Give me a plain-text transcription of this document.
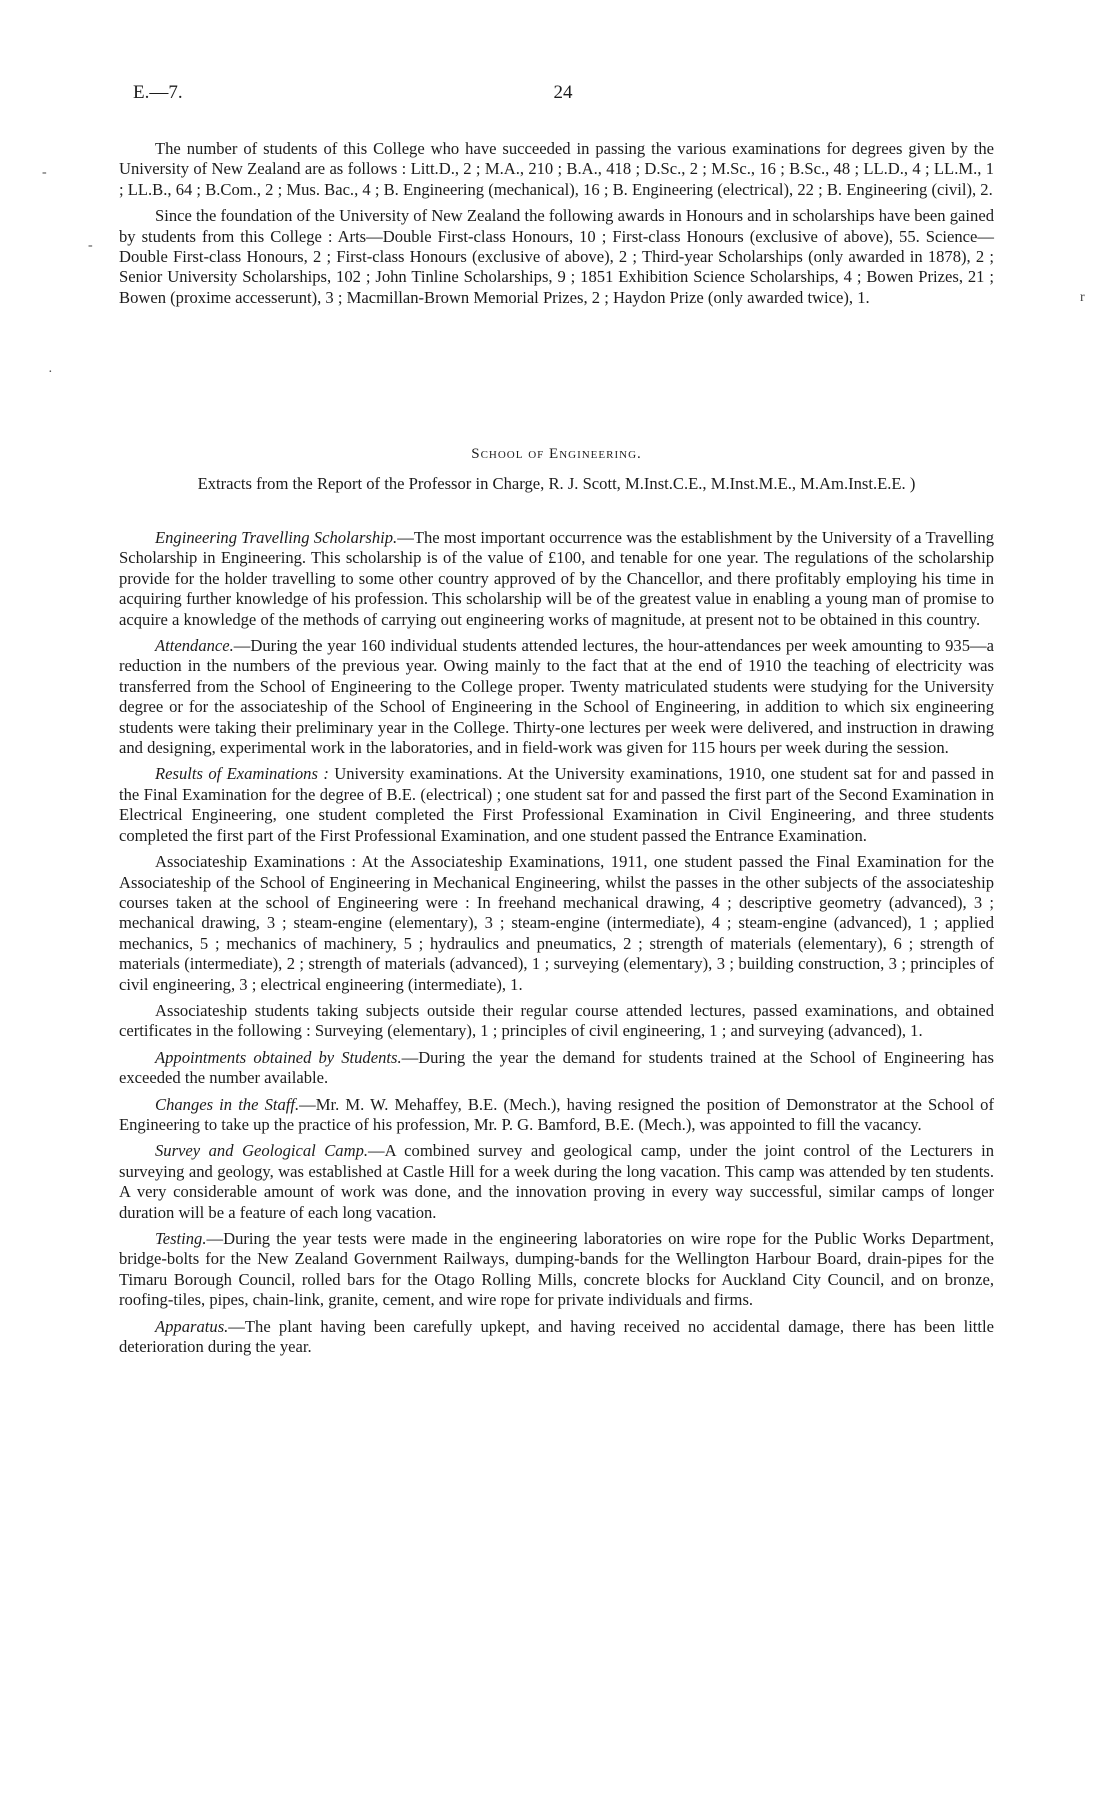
E.—7.	24

The number of students of this College who have succeeded in passing the various examinations for degrees given by the University of New Zealand are as follows : Litt.D., 2 ; M.A., 210 ; B.A., 418 ; D.Sc., 2 ; M.Sc., 16 ; B.Sc., 48 ; LL.D., 4 ; LL.M., 1 ; LL.B., 64 ; B.Com., 2 ; Mus. Bac., 4 ; B. Engineering (mechanical), 16 ; B. Engineering (electrical), 22 ; B. Engineering (civil), 2.

Since the foundation of the University of New Zealand the following awards in Honours and in scholarships have been gained by students from this College : Arts—Double First-class Honours, 10 ; First-class Honours (exclusive of above), 55. Science—Double First-class Honours, 2 ; First-class Honours (exclusive of above), 2 ; Third-year Scholarships (only awarded in 1878), 2 ; Senior University Scholarships, 102 ; John Tinline Scholarships, 9 ; 1851 Exhibition Science Scholarships, 4 ; Bowen Prizes, 21 ; Bowen (proxime accesserunt), 3 ; Macmillan-Brown Memorial Prizes, 2 ; Haydon Prize (only awarded twice), 1.

School of Engineering.
Extracts from the Report of the Professor in Charge, R. J. Scott, M.Inst.C.E., M.Inst.M.E., M.Am.Inst.E.E. )

Engineering Travelling Scholarship.—The most important occurrence was the establishment by the University of a Travelling Scholarship in Engineering. This scholarship is of the value of £100, and tenable for one year. The regulations of the scholarship provide for the holder travelling to some other country approved of by the Chancellor, and there profitably employing his time in acquiring further knowledge of his profession. This scholarship will be of the greatest value in enabling a young man of promise to acquire a knowledge of the methods of carrying out engineering works of magnitude, at present not to be obtained in this country.

Attendance.—During the year 160 individual students attended lectures, the hour-attendances per week amounting to 935—a reduction in the numbers of the previous year. Owing mainly to the fact that at the end of 1910 the teaching of electricity was transferred from the School of Engineering to the College proper. Twenty matriculated students were studying for the University degree or for the associateship of the School of Engineering in the School of Engineering, in addition to which six engineering students were taking their preliminary year in the College. Thirty-one lectures per week were delivered, and instruction in drawing and designing, experimental work in the laboratories, and in field-work was given for 115 hours per week during the session.

Results of Examinations : University examinations. At the University examinations, 1910, one student sat for and passed in the Final Examination for the degree of B.E. (electrical) ; one student sat for and passed the first part of the Second Examination in Electrical Engineering, one student completed the First Professional Examination in Civil Engineering, and three students completed the first part of the First Professional Examination, and one student passed the Entrance Examination.

Associateship Examinations : At the Associateship Examinations, 1911, one student passed the Final Examination for the Associateship of the School of Engineering in Mechanical Engineering, whilst the passes in the other subjects of the associateship courses taken at the school of Engineering were : In freehand mechanical drawing, 4 ; descriptive geometry (advanced), 3 ; mechanical drawing, 3 ; steam-engine (elementary), 3 ; steam-engine (intermediate), 4 ; steam-engine (advanced), 1 ; applied mechanics, 5 ; mechanics of machinery, 5 ; hydraulics and pneumatics, 2 ; strength of materials (elementary), 6 ; strength of materials (intermediate), 2 ; strength of materials (advanced), 1 ; surveying (elementary), 3 ; building construction, 3 ; principles of civil engineering, 3 ; electrical engineering (intermediate), 1.

Associateship students taking subjects outside their regular course attended lectures, passed examinations, and obtained certificates in the following : Surveying (elementary), 1 ; principles of civil engineering, 1 ; and surveying (advanced), 1.

Appointments obtained by Students.—During the year the demand for students trained at the School of Engineering has exceeded the number available.

Changes in the Staff.—Mr. M. W. Mehaffey, B.E. (Mech.), having resigned the position of Demonstrator at the School of Engineering to take up the practice of his profession, Mr. P. G. Bamford, B.E. (Mech.), was appointed to fill the vacancy.

Survey and Geological Camp.—A combined survey and geological camp, under the joint control of the Lecturers in surveying and geology, was established at Castle Hill for a week during the long vacation. This camp was attended by ten students. A very considerable amount of work was done, and the innovation proving in every way successful, similar camps of longer duration will be a feature of each long vacation.

Testing.—During the year tests were made in the engineering laboratories on wire rope for the Public Works Department, bridge-bolts for the New Zealand Government Railways, dumping-bands for the Wellington Harbour Board, drain-pipes for the Timaru Borough Council, rolled bars for the Otago Rolling Mills, concrete blocks for Auckland City Council, and on bronze, roofing-tiles, pipes, chain-link, granite, cement, and wire rope for private individuals and firms.

Apparatus.—The plant having been carefully upkept, and having received no accidental damage, there has been little deterioration during the year.

-
-
r
·
